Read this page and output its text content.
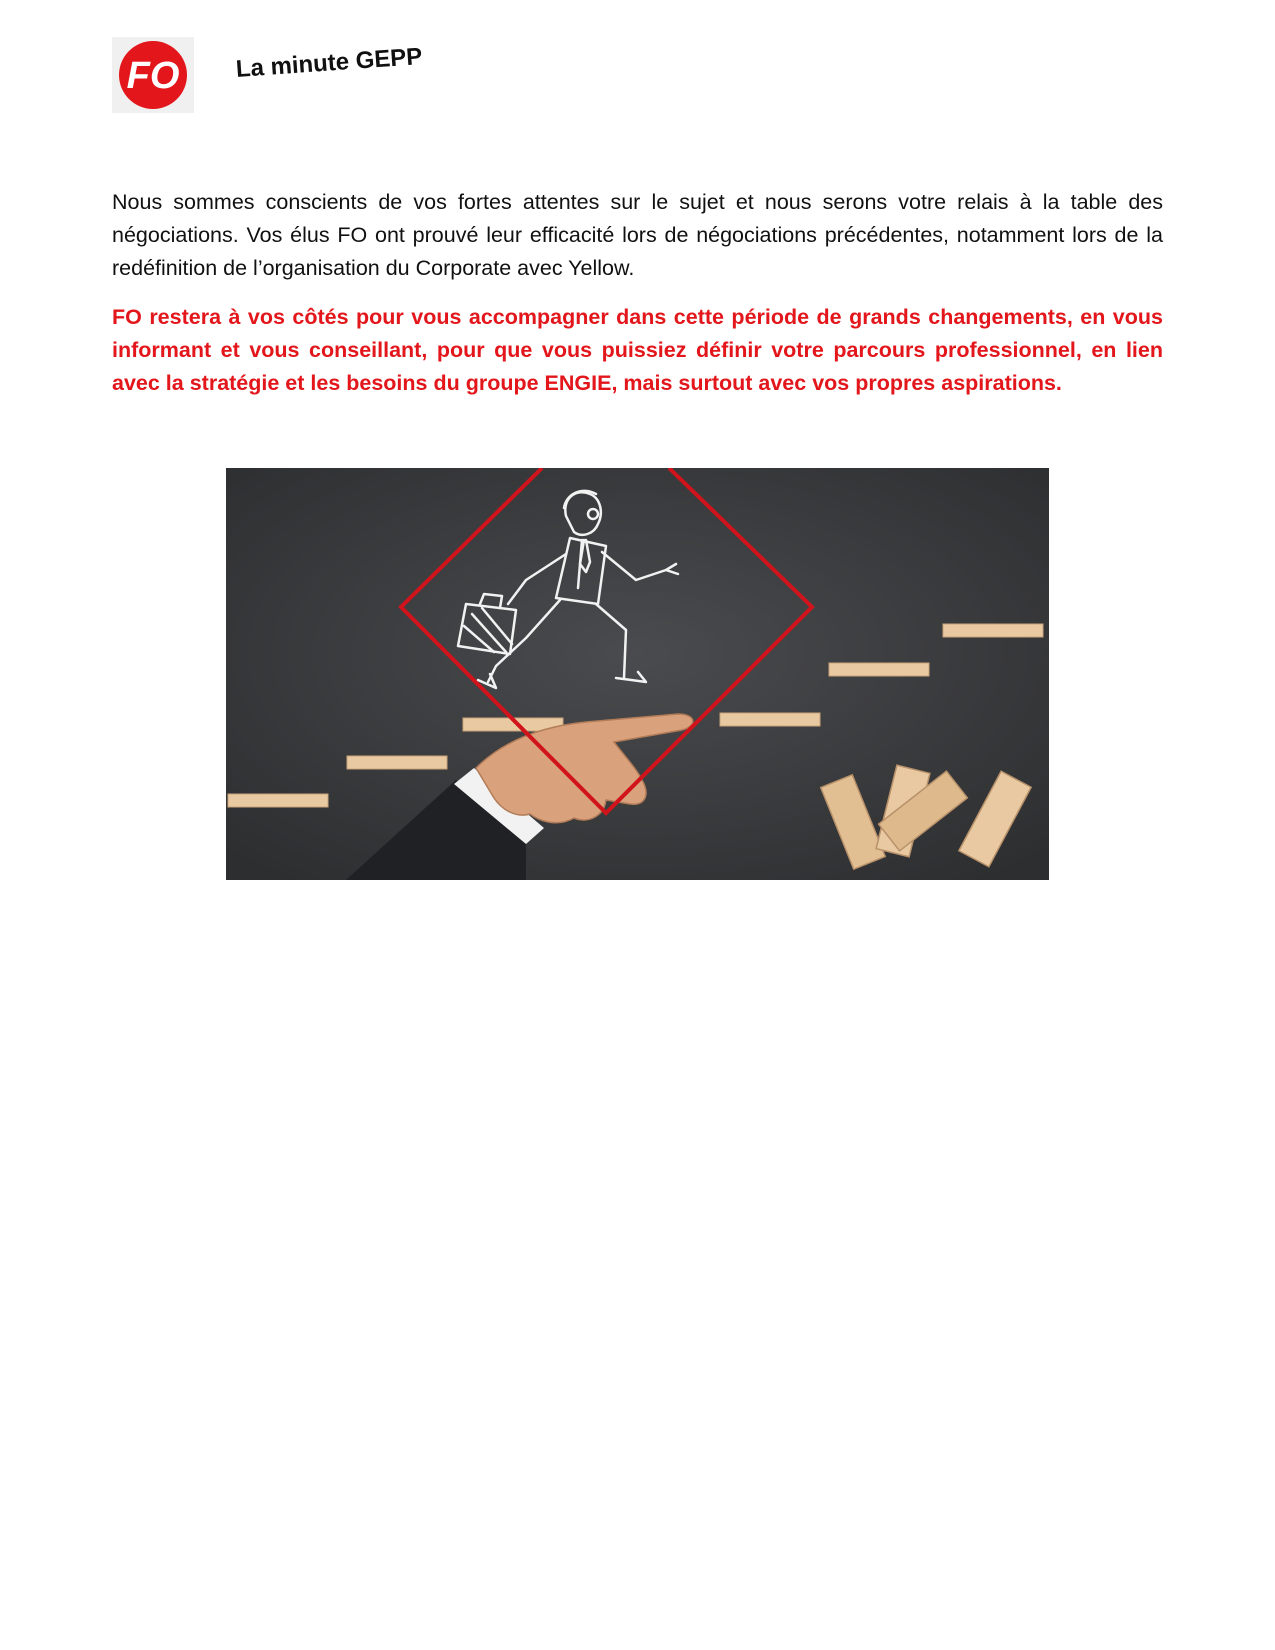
FO La minute GEPP

Nous sommes conscients de vos fortes attentes sur le sujet et nous serons votre relais à la table des négociations. Vos élus FO ont prouvé leur efficacité lors de négociations précédentes, notamment lors de la redéfinition de l’organisation du Corporate avec Yellow.

FO restera à vos côtés pour vous accompagner dans cette période de grands changements, en vous informant et vous conseillant, pour que vous puissiez définir votre parcours professionnel, en lien avec la stratégie et les besoins du groupe ENGIE, mais surtout avec vos propres aspirations.
